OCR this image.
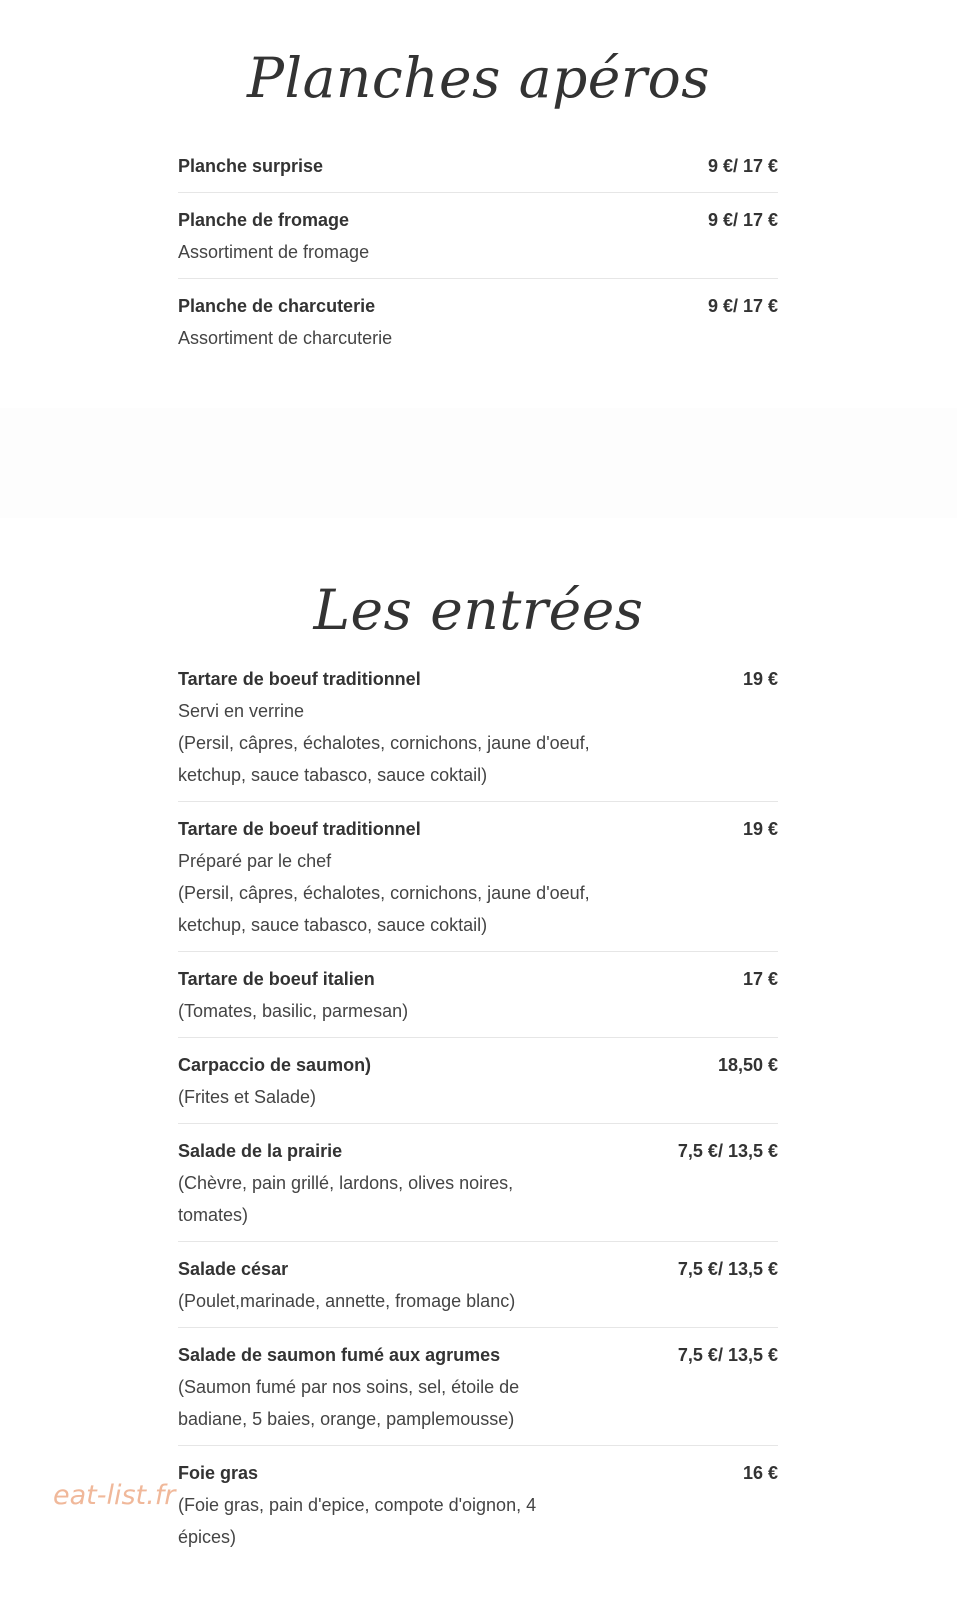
Planches apéros
Planche surprise	9 €/ 17 €
Planche de fromage	9 €/ 17 €
Assortiment de fromage
Planche de charcuterie	9 €/ 17 €
Assortiment de charcuterie
Les entrées
Tartare de boeuf traditionnel	19 €
Servi en verrine
(Persil, câpres, échalotes, cornichons, jaune d'oeuf,
ketchup, sauce tabasco, sauce coktail)
Tartare de boeuf traditionnel	19 €
Préparé par le chef
(Persil, câpres, échalotes, cornichons, jaune d'oeuf,
ketchup, sauce tabasco, sauce coktail)
Tartare de boeuf italien	17 €
(Tomates, basilic, parmesan)
Carpaccio de saumon)	18,50 €
(Frites et Salade)
Salade de la prairie	7,5 €/ 13,5 €
(Chèvre, pain grillé, lardons, olives noires,
tomates)
Salade césar	7,5 €/ 13,5 €
(Poulet,marinade, annette, fromage blanc)
Salade de saumon fumé aux agrumes	7,5 €/ 13,5 €
(Saumon fumé par nos soins, sel, étoile de
badiane, 5 baies, orange, pamplemousse)
Foie gras	16 €
(Foie gras, pain d'epice, compote d'oignon, 4
épices)
eat-list.fr
